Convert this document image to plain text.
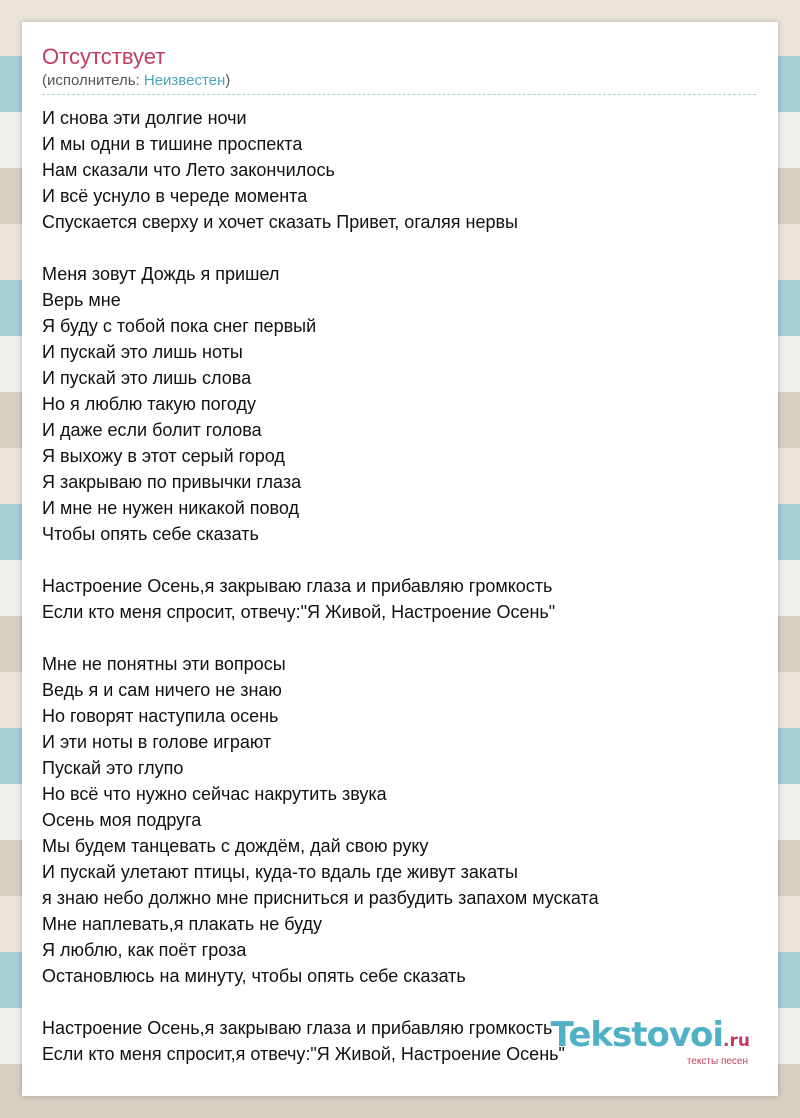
Отсутствует
(исполнитель: Неизвестен)
И снова эти долгие ночи
И мы одни в тишине проспекта
Нам сказали что Лето закончилось
И всё уснуло в череде момента
Спускается сверху и хочет сказать Привет, огаляя нервы
Меня зовут Дождь я пришел
Верь мне
Я буду с тобой пока снег первый
И пускай это лишь ноты
И пускай это лишь слова
Но я люблю такую погоду
И даже если болит голова
Я выхожу в этот серый город
Я закрываю по привычки глаза
И мне не нужен никакой повод
Чтобы опять себе сказать
Настроение Осень,я закрываю глаза и прибавляю громкость
Если кто меня спросит, отвечу:"Я Живой, Настроение Осень"
Мне не понятны эти вопросы
Ведь я и сам ничего не знаю
Но говорят наступила осень
И эти ноты в голове играют
Пускай это глупо
Но всё что нужно сейчас накрутить звука
Осень моя подруга
Мы будем танцевать с дождём, дай свою руку
И пускай улетают птицы, куда-то вдаль где живут закаты
я знаю небо должно мне присниться и разбудить запахом муската
Мне наплевать,я плакать не буду
Я люблю, как поёт гроза
Остановлюсь на минуту, чтобы опять себе сказать
Настроение Осень,я закрываю глаза и прибавляю громкость
Если кто меня спросит,я отвечу:"Я Живой, Настроение Осень"
Tekstovoi.ru
тексты песен
